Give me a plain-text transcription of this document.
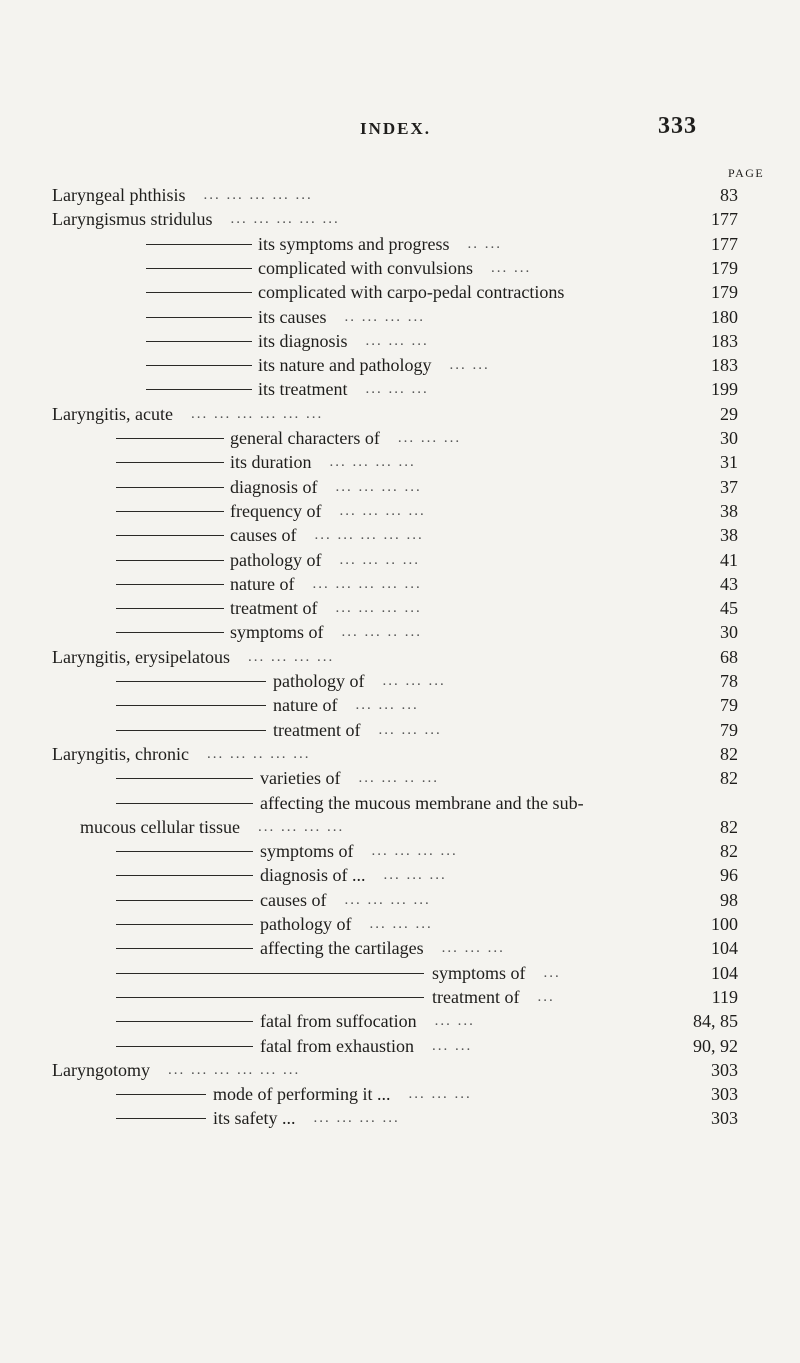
INDEX.	333
PAGE
Laryngeal phthisis ... ... ... ... ...	83
Laryngismus stridulus ... ... ... ... ...	177
its symptoms and progress .. ...	177
complicated with convulsions ... ...	179
complicated with carpo-pedal contractions	179
its causes .. ... ... ...	180
its diagnosis ... ... ...	183
its nature and pathology ... ...	183
its treatment ... ... ...	199
Laryngitis, acute ... ... ... ... ... ...	29
general characters of ... ... ...	30
its duration ... ... ... ...	31
diagnosis of ... ... ... ...	37
frequency of ... ... ... ...	38
causes of ... ... ... ... ...	38
pathology of ... ... .. ...	41
nature of ... ... ... ... ...	43
treatment of ... ... ... ...	45
symptoms of ... ... .. ...	30
Laryngitis, erysipelatous ... ... ... ...	68
pathology of ... ... ...	78
nature of ... ... ...	79
treatment of ... ... ...	79
Laryngitis, chronic ... ... .. ... ...	82
varieties of ... ... .. ...	82
affecting the mucous membrane and the sub-
mucous cellular tissue ... ... ... ...	82
symptoms of ... ... ... ...	82
diagnosis of ... ... ... ...	96
causes of ... ... ... ...	98
pathology of ... ... ...	100
affecting the cartilages ... ... ...	104
symptoms of ...	104
treatment of ...	119
fatal from suffocation ... ...	84, 85
fatal from exhaustion ... ...	90, 92
Laryngotomy ... ... ... ... ... ...	303
mode of performing it ... ... ... ...	303
its safety ... ... ... ... ...	303
